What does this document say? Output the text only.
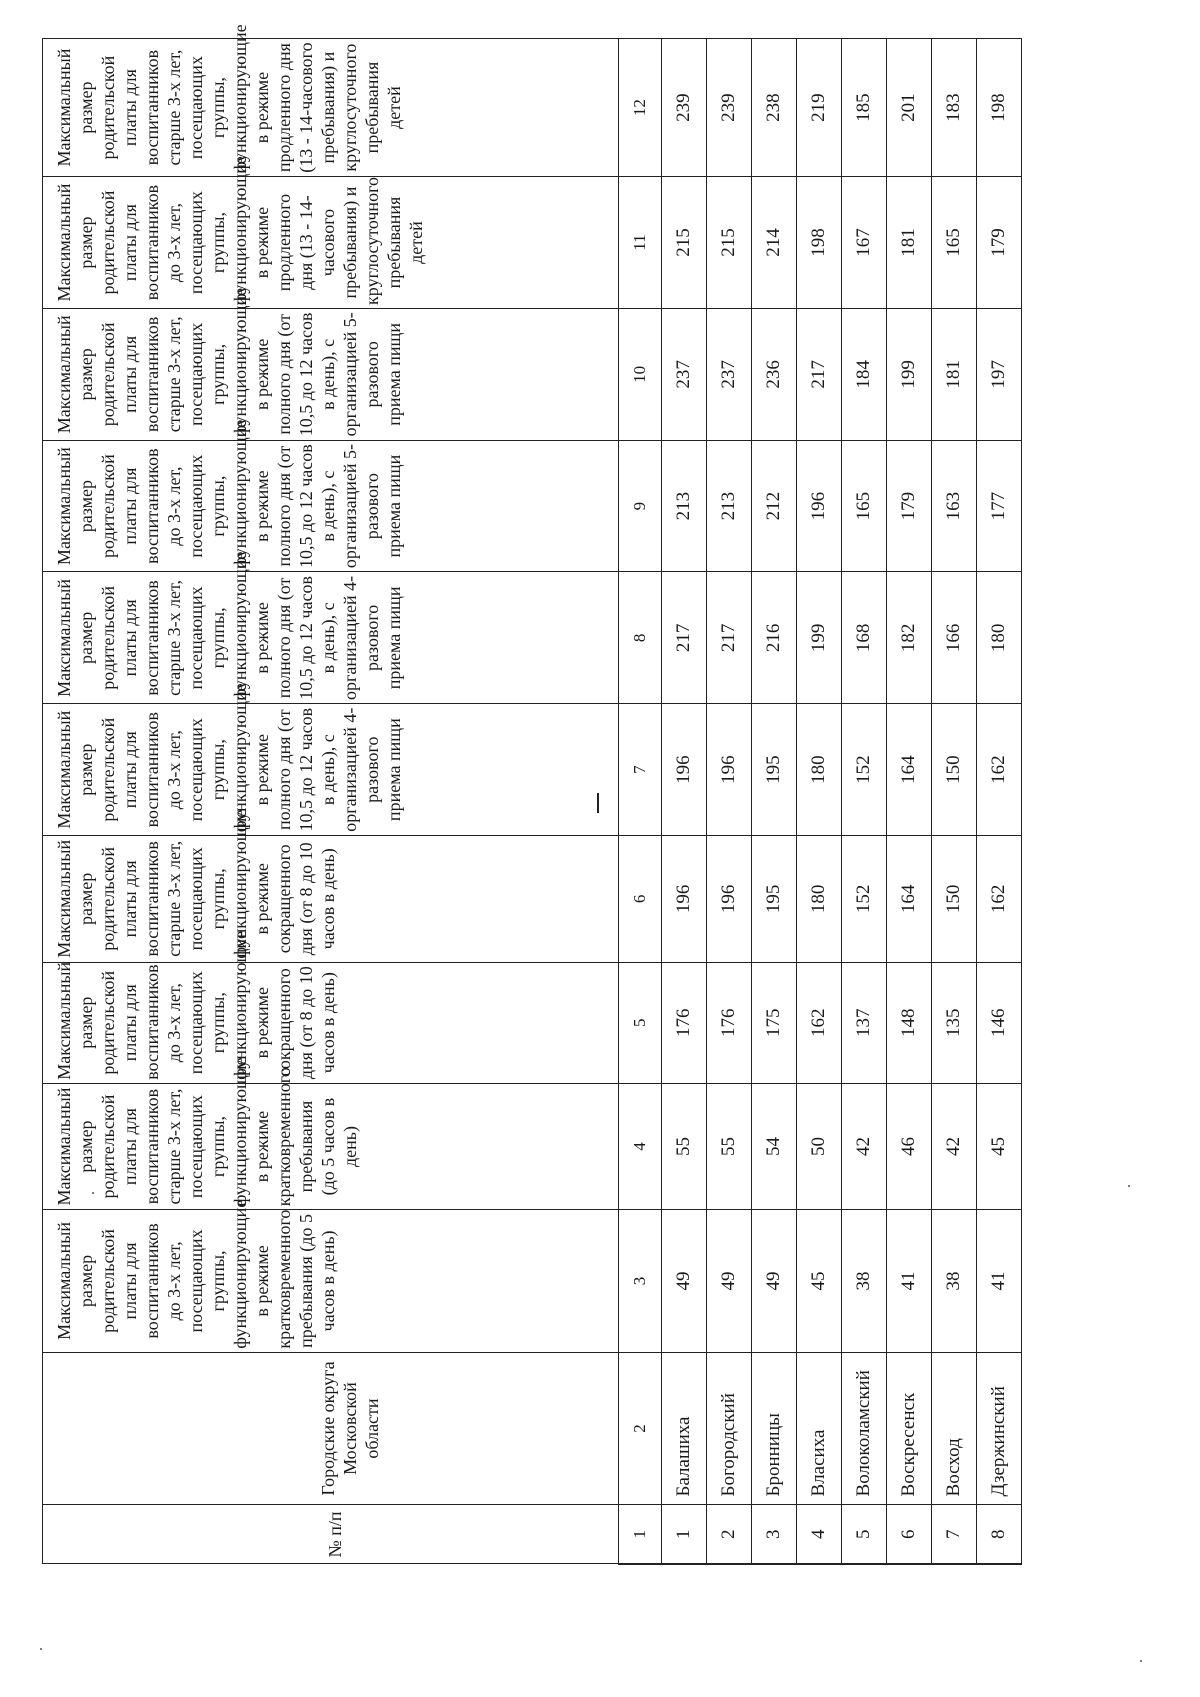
№ п/п	Городские округа Московской области	Максимальный размер родительской платы для воспитанников до 3-х лет, посещающих группы, функционирующие в режиме кратковременного пребывания (до 5 часов в день)	Максимальный размер родительской платы для воспитанников старше 3-х лет, посещающих группы, функционирующие в режиме кратковременного пребывания (до 5 часов в день)	Максимальный размер родительской платы для воспитанников до 3-х лет, посещающих группы, функционирующие в режиме сокращенного дня (от 8 до 10 часов в день)	Максимальный размер родительской платы для воспитанников старше 3-х лет, посещающих группы, функционирующие в режиме сокращенного дня (от 8 до 10 часов в день)	Максимальный размер родительской платы для воспитанников до 3-х лет, посещающих группы, функционирующие в режиме полного дня (от 10,5 до 12 часов в день), с организацией 4-разового приема пищи	Максимальный размер родительской платы для воспитанников старше 3-х лет, посещающих группы, функционирующие в режиме полного дня (от 10,5 до 12 часов в день), с организацией 4-разового приема пищи	Максимальный размер родительской платы для воспитанников до 3-х лет, посещающих группы, функционирующие в режиме полного дня (от 10,5 до 12 часов в день), с организацией 5- разового приема пищи	Максимальный размер родительской платы для воспитанников старше 3-х лет, посещающих группы, функционирующие в режиме полного дня (от 10,5 до 12 часов в день), с организацией 5-разового приема пищи	Максимальный размер родительской платы для воспитанников до 3-х лет, посещающих группы, функционирующие в режиме продленного дня (13 - 14-часового пребывания) и круглосуточного пребывания детей	Максимальный размер родительской платы для воспитанников старше 3-х лет, посещающих группы, функционирующие в режиме продленного дня (13 - 14-часового пребывания) и круглосуточного пребывания детей
1	2	3	4	5	6	7	8	9	10	11	12
1	Балашиха	49	55	176	196	196	217	213	237	215	239
2	Богородский	49	55	176	196	196	217	213	237	215	239
3	Бронницы	49	54	175	195	195	216	212	236	214	238
4	Власиха	45	50	162	180	180	199	196	217	198	219
5	Волоколамский	38	42	137	152	152	168	165	184	167	185
6	Воскресенск	41	46	148	164	164	182	179	199	181	201
7	Восход	38	42	135	150	150	166	163	181	165	183
8	Дзержинский	41	45	146	162	162	180	177	197	179	198
